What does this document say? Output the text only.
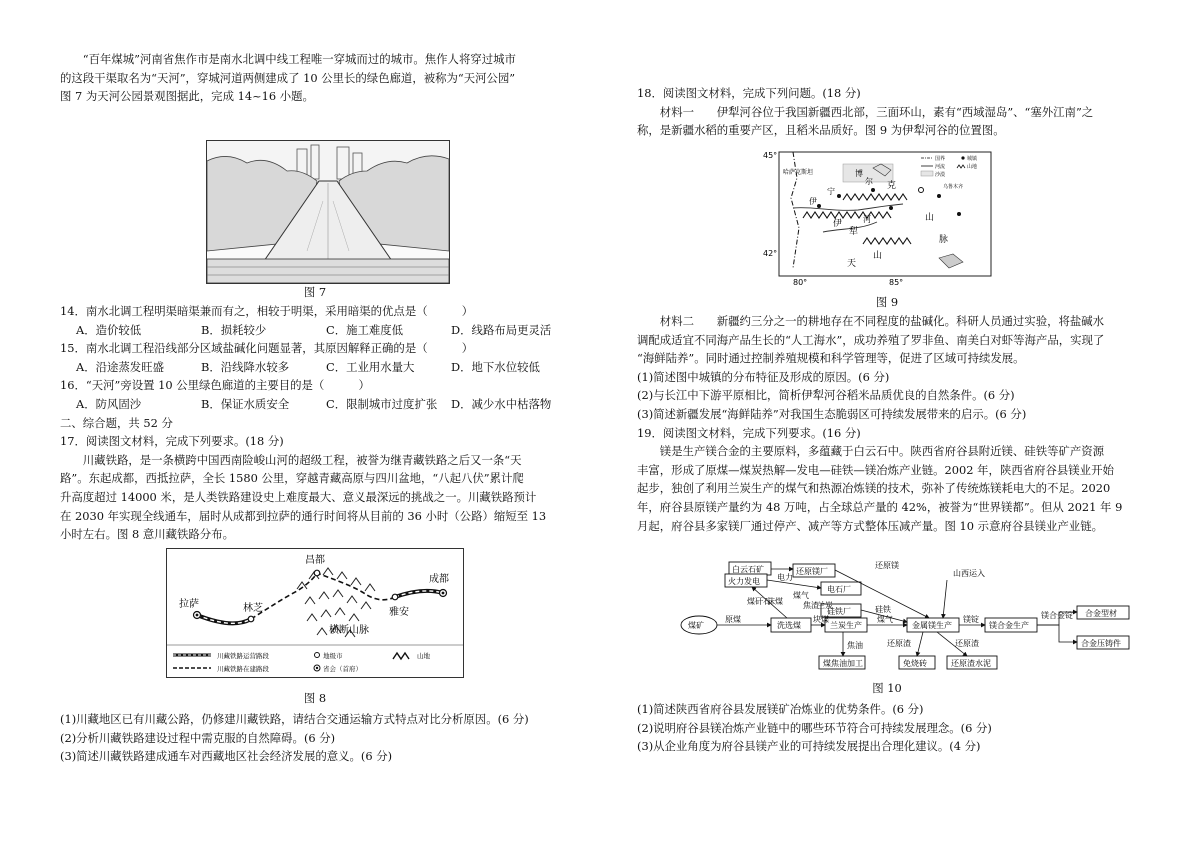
“百年煤城”河南省焦作市是南水北调中线工程唯一穿城而过的城市。焦作人将穿过城市

的这段干渠取名为“天河”，穿城河道两侧建成了 10 公里长的绿色廊道，被称为“天河公园”

图 7 为天河公园景观图据此，完成 14~16 小题。

图 7

14．南水北调工程明渠暗渠兼而有之，相较于明渠，采用暗渠的优点是（　　　）

A．造价较低	B．损耗较少	C．施工难度低	D．线路布局更灵活

15．南水北调工程沿线部分区域盐碱化问题显著，其原因解释正确的是（　　　）

A．沿途蒸发旺盛	B．沿线降水较多	C．工业用水量大	D．地下水位较低

16．“天河”旁设置 10 公里绿色廊道的主要目的是（　　　）

A．防风固沙	B．保证水质安全	C．限制城市过度扩张	D．减少水中枯落物

二、综合题，共 52 分

17．阅读图文材料，完成下列要求。(18 分)

川藏铁路，是一条横跨中国西南险峻山河的超级工程，被誉为继青藏铁路之后又一条“天

路”。东起成都，西抵拉萨，全长 1580 公里，穿越青藏高原与四川盆地，“八起八伏”累计爬

升高度超过 14000 米，是人类铁路建设史上难度最大、意义最深远的挑战之一。川藏铁路预计

在 2030 年实现全线通车，届时从成都到拉萨的通行时间将从目前的 36 小时（公路）缩短至 13

小时左右。图 8 意川藏铁路分布。

昌都
成都
拉萨	林芝	雅安
横断山脉
川藏铁路运营路段
川藏铁路在建路段
地级市
省会（首府）
山地

图 8

(1)川藏地区已有川藏公路，仍修建川藏铁路，请结合交通运输方式特点对比分析原因。(6 分)

(2)分析川藏铁路建设过程中需克服的自然障碍。(6 分)

(3)简述川藏铁路建成通车对西藏地区社会经济发展的意义。(6 分)

18．阅读图文材料，完成下列问题。(18 分)

材料一　　伊犁河谷位于我国新疆西北部，三面环山，素有“西域湿岛”、“塞外江南”之

称，是新疆水稻的重要产区，且稻米品质好。图 9 为伊犁河谷的位置图。

45°
42°
80°	85°
哈萨克斯坦
伊
宁
博
尔
河
克
伊
犁
山
天
山
脉
乌鲁木齐
国界	城镇
河流	山地
沙漠

图 9

材料二　　新疆约三分之一的耕地存在不同程度的盐碱化。科研人员通过实验，将盐碱水

调配成适宜不同海产品生长的“人工海水”，成功养殖了罗非鱼、南美白对虾等海产品，实现了

“海鲜陆养”。同时通过控制养殖规模和科学管理等，促进了区域可持续发展。

(1)简述图中城镇的分布特征及形成的原因。(6 分)

(2)与长江中下游平原相比，简析伊犁河谷稻米品质优良的自然条件。(6 分)

(3)简述新疆发展“海鲜陆养”对我国生态脆弱区可持续发展带来的启示。(6 分)

19．阅读图文材料，完成下列要求。(16 分)

镁是生产镁合金的主要原料，多蕴藏于白云石中。陕西省府谷县附近镁、硅铁等矿产资源

丰富，形成了原煤—煤炭热解—发电—硅铁—镁冶炼产业链。2002 年，陕西省府谷县镁业开始

起步，独创了利用兰炭生产的煤气和热源冶炼镁的技术，弥补了传统炼镁耗电大的不足。2020

年，府谷县原镁产量约为 48 万吨，占全球总产量的 42%，被誉为“世界镁都”。但从 2021 年 9

月起，府谷县多家镁厂通过停产、减产等方式整体压减产量。图 10 示意府谷县镁业产业链。

白云石矿	还原镁厂
火力发电
电石厂
硅铁厂
煤矿	洗选煤	兰炭生产	金属镁生产	镁合金生产
合金型材
合金压铸件
煤焦油加工	免烧砖	还原渣水泥
还原镁
电力
煤气
焦渣
兰炭	硅铁
原煤	块煤
煤矸石
沫煤
煤气	镁锭	镁合金锭
焦油	还原渣	还原渣
山西运入

图 10

(1)简述陕西省府谷县发展镁矿冶炼业的优势条件。(6 分)

(2)说明府谷县镁冶炼产业链中的哪些环节符合可持续发展理念。(6 分)

(3)从企业角度为府谷县镁产业的可持续发展提出合理化建议。(4 分)
